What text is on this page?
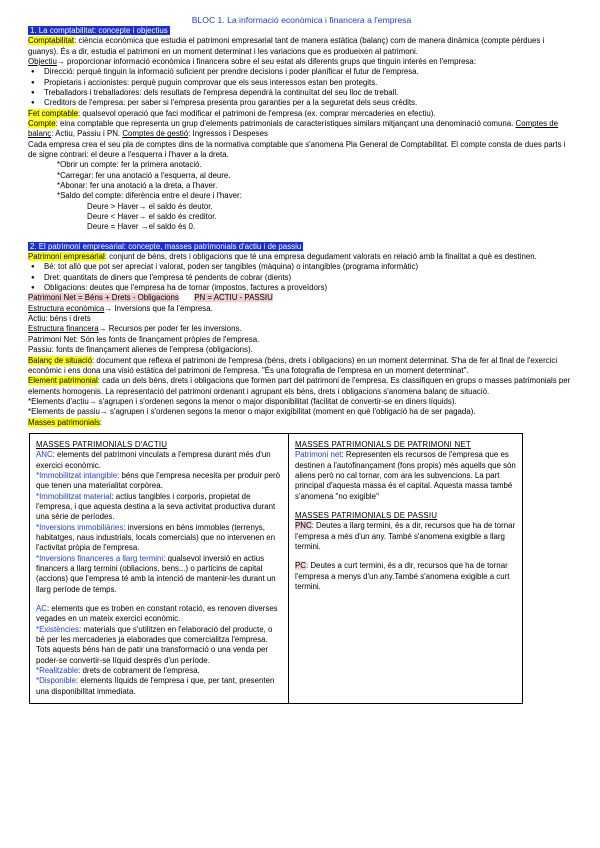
BLOC 1. La informació econòmica i financera a l'empresa

1. La comptabilitat: concepte i objectius

Comptabilitat: ciència econòmica que estudia el patrimoni empresarial tant de manera estàtica (balanç) com de manera dinàmica (compte pèrdues i guanys). És a dir, estudia el patrimoni en un moment determinat i les variacions que es produeixen al patrimoni.

Objectiu→ proporcionar informació econòmica i financera sobre el seu estat als diferents grups que tinguin interès en l'empresa:

● Direcció: perquè tinguin la informació suficient per prendre decisions i poder planificar el futur de l'empresa.
● Propietaris i accionistes: perquè puguin comprovar que els seus interessos estan ben protegits.
● Treballadors i treballadores: dels resultats de l'empresa dependrà la continuïtat del seu lloc de treball.
● Creditors de l'empresa: per saber si l'empresa presenta prou garanties per a la seguretat dels seus crèdits.

Fet comptable: qualsevol operació que faci modificar el patrimoni de l'empresa (ex. comprar mercaderies en efectiu).

Compte: eina comptable que representa un grup d'elements patrimonials de característiques similars mitjançant una denominació comuna. Comptes de balanç: Actiu, Passiu i PN. Comptes de gestió: Ingressos i Despeses

Cada empresa crea el seu pla de comptes dins de la normativa comptable que s'anomena Pla General de Comptabilitat. El compte consta de dues parts i de signe contrari: el deure a l'esquerra i l'haver a la dreta.

*Obrir un compte: fer la primera anotació.

*Carregar: fer una anotació a l'esquerra, al deure.

*Abonar: fer una anotació a la dreta, a l'haver.

*Saldo del compte: diferència entre el deure i l'haver:

Deure > Haver→ el saldo és deutor.

Deure < Haver→ el saldo és creditor.

Deure = Haver →el saldo és 0.

2. El patrimoni empresarial: concepte, masses patrimonials d'actiu i de passiu

Patrimoni empresarial: conjunt de béns, drets i obligacions que té una empresa degudament valorats en relació amb la finalitat a què es destinen.

● Bé: tot allò que pot ser apreciat i valorat, poden ser tangibles (màquina) o intangibles (programa informàtic)
● Dret: quantitats de diners que l'empresa té pendents de cobrar (dients)
● Obligacions: deutes que l'empresa ha de tornar (impostos, factures a proveïdors)

Patrimoni Net = Béns + Drets - Obligacions PN = ACTIU - PASSIU

Estructura econòmica→ Inversions que fa l'empresa.

Actiu: béns i drets

Estructura financera→ Recursos per poder fer les inversions.

Patrimoni Net: Són les fonts de finançament pròpies de l'empresa.

Passiu: fonts de finançament alienes de l'empresa (obligacions).

Balanç de situació: document que reflexa el patrimoni de l'empresa (béns, drets i obligacions) en un moment determinat. S'ha de fer al final de l'exercici econòmic i ens dona una visió estàtica del patrimoni de l'empresa. "És una fotografia de l'empresa en un moment determinat".

Element patrimonial: cada un dels béns, drets i obligacions que formen part del patrimoni de l'empresa. Es classifiquen en grups o masses patrimonials per elements homogenis. La representació del patrimoni ordenant i agrupant els béns, drets i obligacions s'anomena balanç de situació.

*Elements d'actiu→ s'agrupen i s'ordenen segons la menor o major disponibilitat (facilitat de convertir-se en diners líquids).

*Elements de passiu→ s'agrupen i s'ordenen segons la menor o major exigibilitat (moment en què l'obligació ha de ser pagada).

Masses patrimonials:

MASSES PATRIMONIALS D'ACTIU

ANC: elements del patrimoni vinculats a l'empresa durant més d'un exercici econòmic.

*Immobilitzat intangible: béns que l'empresa necesita per produir però que tenen una materialitat corpòrea.

*Immobilitzat material: actius tangibles i corporis, propietat de l'empresa, i que aquesta destina a la seva activitat productiva durant una sèrie de períodes.

*Inversions immobiliàries: inversions en béns immobles (terrenys, habitatges, naus industrials, locals comercials) que no intervenen en l'activitat pròpia de l'empresa.

*Inversions financeres a llarg termini: qualsevol inversió en actius financers a llarg termini (obliacions, bens...) o particins de capital (accions) que l'empresa té amb la intenció de mantenir-les durant un llarg període de temps.

AC: elements que es troben en constant rotació, es renoven diverses vegades en un mateix exercici econòmic.

*Existències: materials que s'utilitzen en l'elaboració del producte, o bé per les mercaderies ja elaborades que comercialitza l'empresa. Tots aquests béns han de patir una transformació o una venda per poder-se convertir-se líquid després d'un període.

*Realitzable: drets de cobrament de l'empresa.

*Disponible: elements líquids de l'empresa i que, per tant, presenten una disponibilitat immediata.

MASSES PATRIMONIALS DE PATRIMONI NET

Patrimoni net: Representen els recursos de l'empresa que es destinen a l'autofinançament (fons propis) més aquells que són aliens però no cal tornar, com ara les subvencions. La part principal d'aquesta massa és el capital. Aquesta massa també s'anomena "no exigible"

MASSES PATRIMONIALS DE PASSIU

PNC: Deutes a llarg termini, és a dir, recursos que ha de tornar l'empresa a més d'un any. També s'anomena exigible a llarg termini.

PC: Deutes a curt termini, és a dir, recursos que ha de tornar l'empresa a menys d'un any.També s'anomena exigible a curt termini.
